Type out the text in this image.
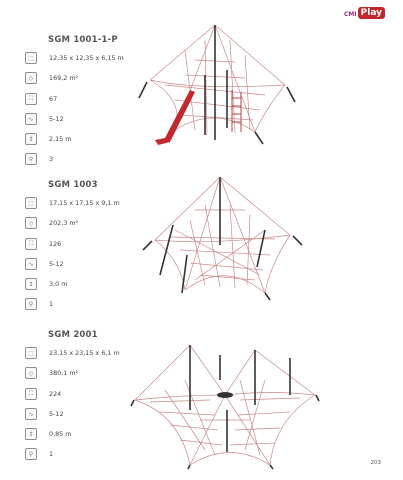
CMI Play
SGM 1001-1-P
⬚	12,35 x 12,35 x 6,15 m
◇	169,2 m²
⛶	67
∿	5-12
↕	2,15 m
⚲	3
SGM 1003
⬚	17,15 x 17,15 x 9,1 m
◇	202,3 m²
⛶	126
∿	5-12
↕	3,0 m
⚲	1
SGM 2001
⬚	23,15 x 23,15 x 6,1 m
◇	380,1 m²
⛶	224
∿	5-12
↕	0,85 m
⚲	1
203
